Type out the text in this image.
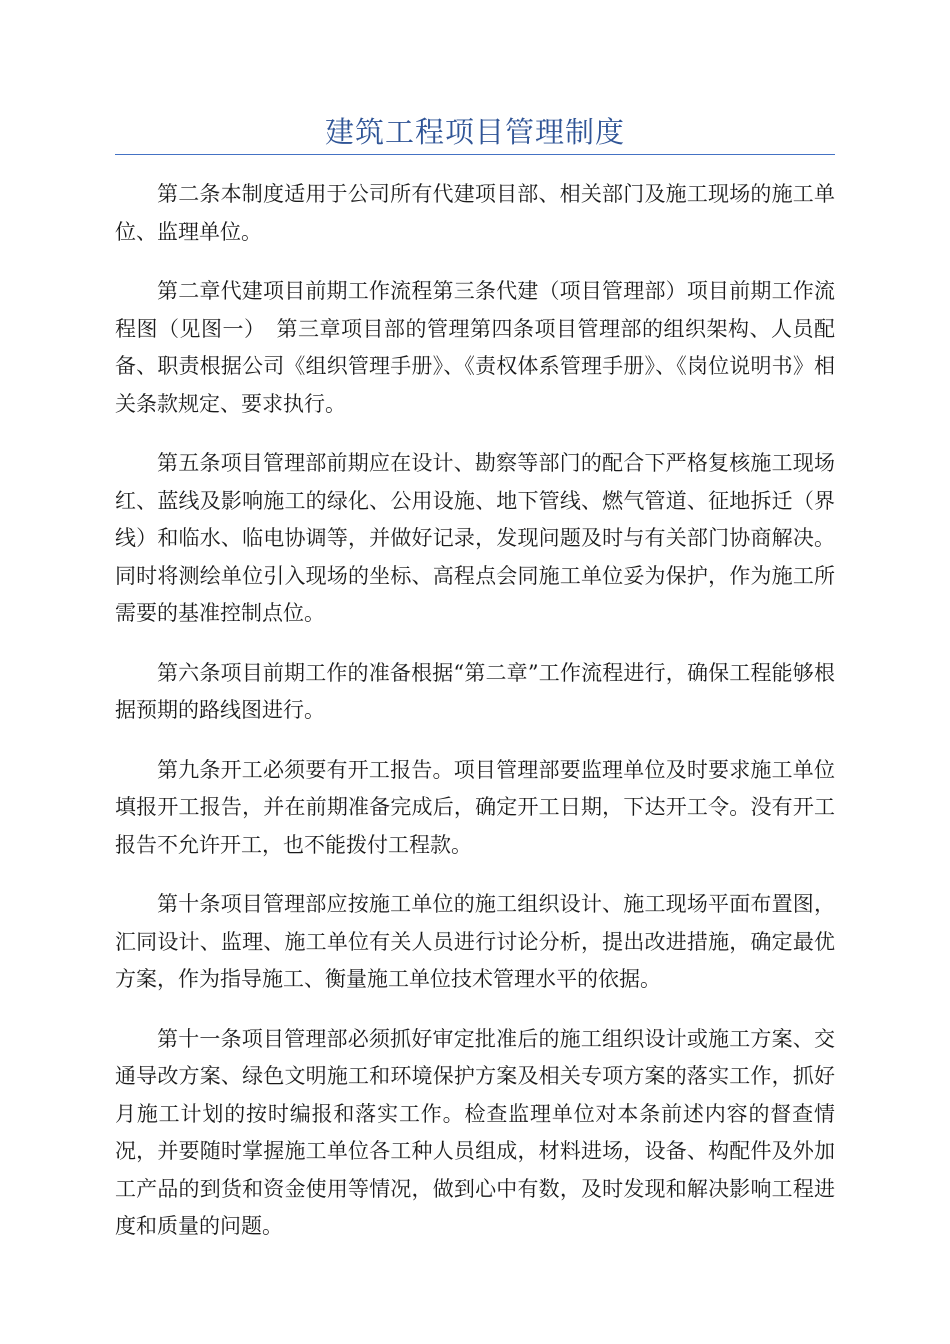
建筑工程项目管理制度

第二条本制度适用于公司所有代建项目部、相关部门及施工现场的施工单位、监理单位。

第二章代建项目前期工作流程第三条代建（项目管理部）项目前期工作流程图（见图一）　第三章项目部的管理第四条项目管理部的组织架构、人员配备、职责根据公司《组织管理手册》、《责权体系管理手册》、《岗位说明书》相关条款规定、要求执行。

第五条项目管理部前期应在设计、勘察等部门的配合下严格复核施工现场红、蓝线及影响施工的绿化、公用设施、地下管线、燃气管道、征地拆迁（界线）和临水、临电协调等，并做好记录，发现问题及时与有关部门协商解决。同时将测绘单位引入现场的坐标、高程点会同施工单位妥为保护，作为施工所需要的基准控制点位。

第六条项目前期工作的准备根据“第二章”工作流程进行，确保工程能够根据预期的路线图进行。

第九条开工必须要有开工报告。项目管理部要监理单位及时要求施工单位填报开工报告，并在前期准备完成后，确定开工日期，下达开工令。没有开工报告不允许开工，也不能拨付工程款。

第十条项目管理部应按施工单位的施工组织设计、施工现场平面布置图，汇同设计、监理、施工单位有关人员进行讨论分析，提出改进措施，确定最优方案，作为指导施工、衡量施工单位技术管理水平的依据。

第十一条项目管理部必须抓好审定批准后的施工组织设计或施工方案、交通导改方案、绿色文明施工和环境保护方案及相关专项方案的落实工作，抓好月施工计划的按时编报和落实工作。检查监理单位对本条前述内容的督查情况，并要随时掌握施工单位各工种人员组成，材料进场，设备、构配件及外加工产品的到货和资金使用等情况，做到心中有数，及时发现和解决影响工程进度和质量的问题。
